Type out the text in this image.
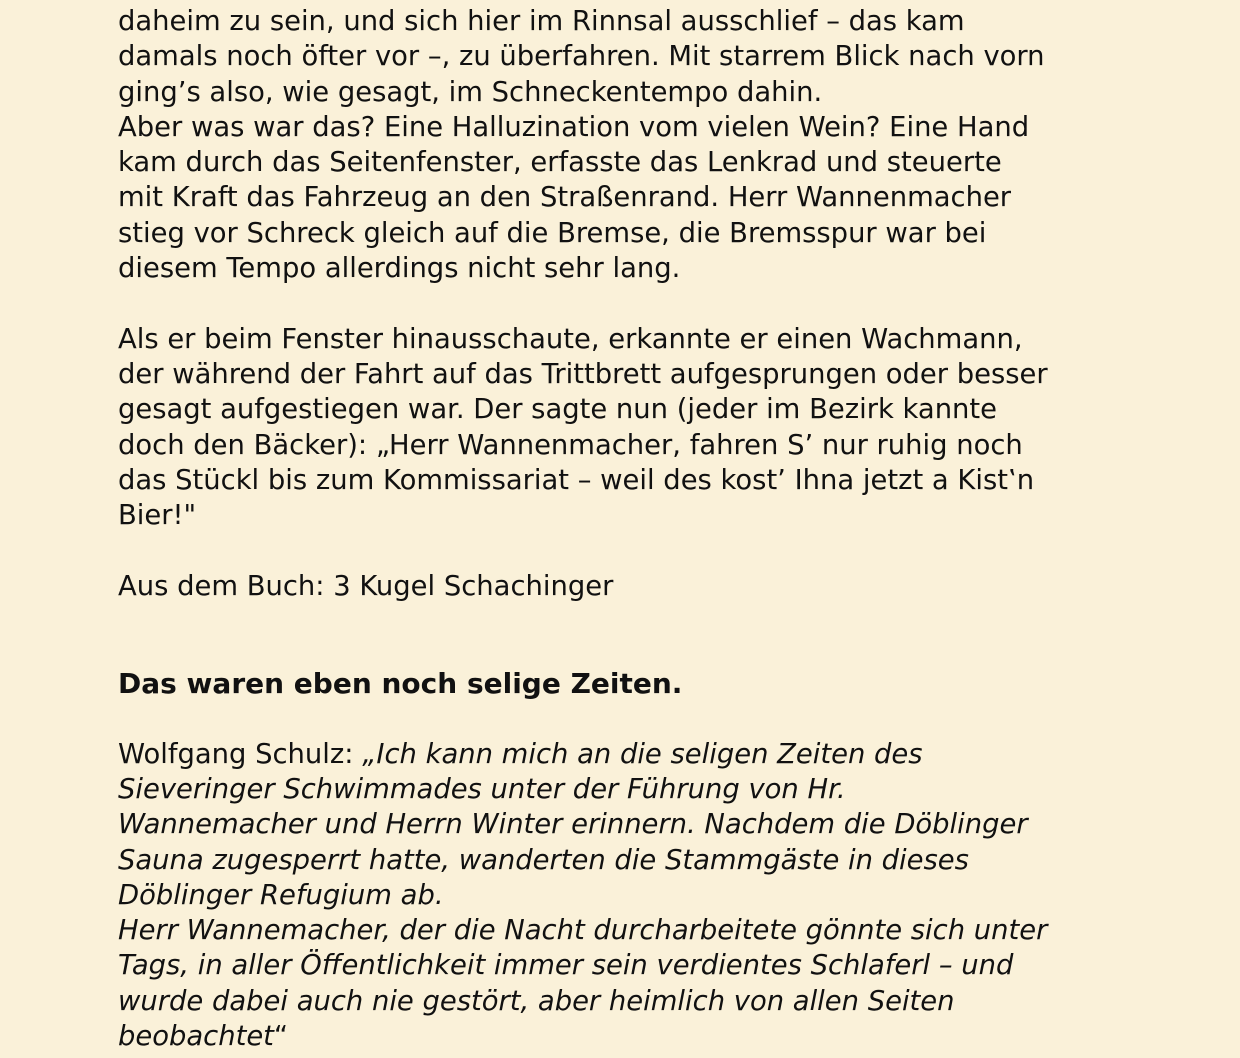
daheim zu sein, und sich hier im Rinnsal ausschlief – das kam
damals noch öfter vor –, zu überfahren. Mit starrem Blick nach vorn
ging’s also, wie gesagt, im Schneckentempo dahin.
Aber was war das? Eine Halluzination vom vielen Wein? Eine Hand
kam durch das Seitenfenster, erfasste das Lenkrad und steuerte
mit Kraft das Fahrzeug an den Straßenrand. Herr Wannenmacher
stieg vor Schreck gleich auf die Bremse, die Bremsspur war bei
diesem Tempo allerdings nicht sehr lang.

Als er beim Fenster hinausschaute, erkannte er einen Wachmann,
der während der Fahrt auf das Trittbrett aufgesprungen oder besser
gesagt aufgestiegen war. Der sagte nun (jeder im Bezirk kannte
doch den Bäcker): „Herr Wannenmacher, fahren S’ nur ruhig noch
das Stückl bis zum Kommissariat – weil des kost’ Ihna jetzt a Kist‛n
Bier!"

Aus dem Buch: 3 Kugel Schachinger

Das waren eben noch selige Zeiten.

Wolfgang Schulz: „Ich kann mich an die seligen Zeiten des
Sieveringer Schwimmades unter der Führung von Hr.
Wannemacher und Herrn Winter erinnern. Nachdem die Döblinger
Sauna zugesperrt hatte, wanderten die Stammgäste in dieses
Döblinger Refugium ab.
Herr Wannemacher, der die Nacht durcharbeitete gönnte sich unter
Tags, in aller Öffentlichkeit immer sein verdientes Schlaferl – und
wurde dabei auch nie gestört, aber heimlich von allen Seiten
beobachtet“
